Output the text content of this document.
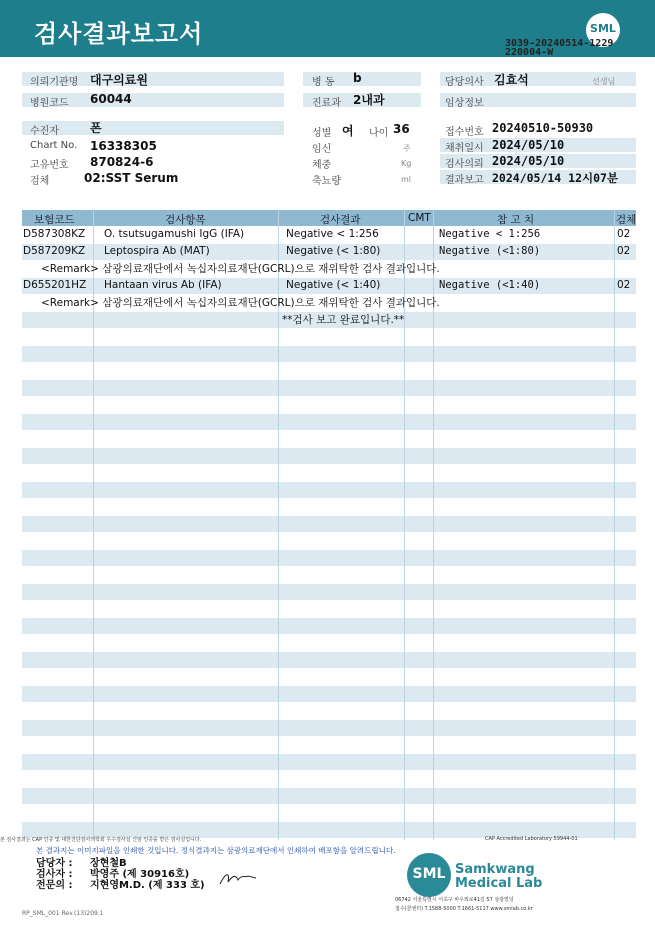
검사결과보고서	SML
3039-20240514-1229
220004-W
의뢰기관명 대구의료원
병원코드 60044
수진자	폰
Chart No. 16338305
고유번호 870824-6
검체	02:SST Serum
병 동 b
진료과 2내과
성별 여 나이 36
임신	주
체중	Kg
축뇨량	ml
담당의사 김효석	선생님
임상정보
접수번호 20240510-50930
채취일시 2024/05/10
검사의뢰 2024/05/10
결과보고 2024/05/14 12시07분
보험코드	검사항목	검사결과	CMT	참 고 치	검체
D587308KZ O. tsutsugamushi IgG (IFA)	Negative < 1:256	Negative < 1:256	02
D587209KZ Leptospira Ab (MAT)	Negative (< 1:80)	Negative (<1:80)	02
<Remark> 삼광의료재단에서 녹십자의료재단(GCRL)으로 재위탁한 검사 결과입니다.
D655201HZ Hantaan virus Ab (IFA)	Negative (< 1:40)	Negative (<1:40)	02
<Remark> 삼광의료재단에서 녹십자의료재단(GCRL)으로 재위탁한 검사 결과입니다.
**검사 보고 완료입니다.**
본 검사결과는 CAP 인증 및 대한진단검사의학회 우수검사실 신임 인증을 받은 검사실입니다.	CAP Accredited Laboratory 59944-01
본 결과지는 이미지파일을 인쇄한 것입니다. 정식결과지는 삼광의료재단에서 인쇄하여 배포함을 알려드립니다.
담당자 : 장현철B
검사자 : 박영주 (제 30916호)
전문의 : 지현영M.D. (제 333 호)
SML Samkwang
Medical Lab
06742 서울특별시 서초구 바우뫼로41길 57 삼광빌딩
접수(콜센터) T.1588-5000 T.1661-5117 www.smlab.co.kr
RP_SML_001 Rev.(13)209.1
